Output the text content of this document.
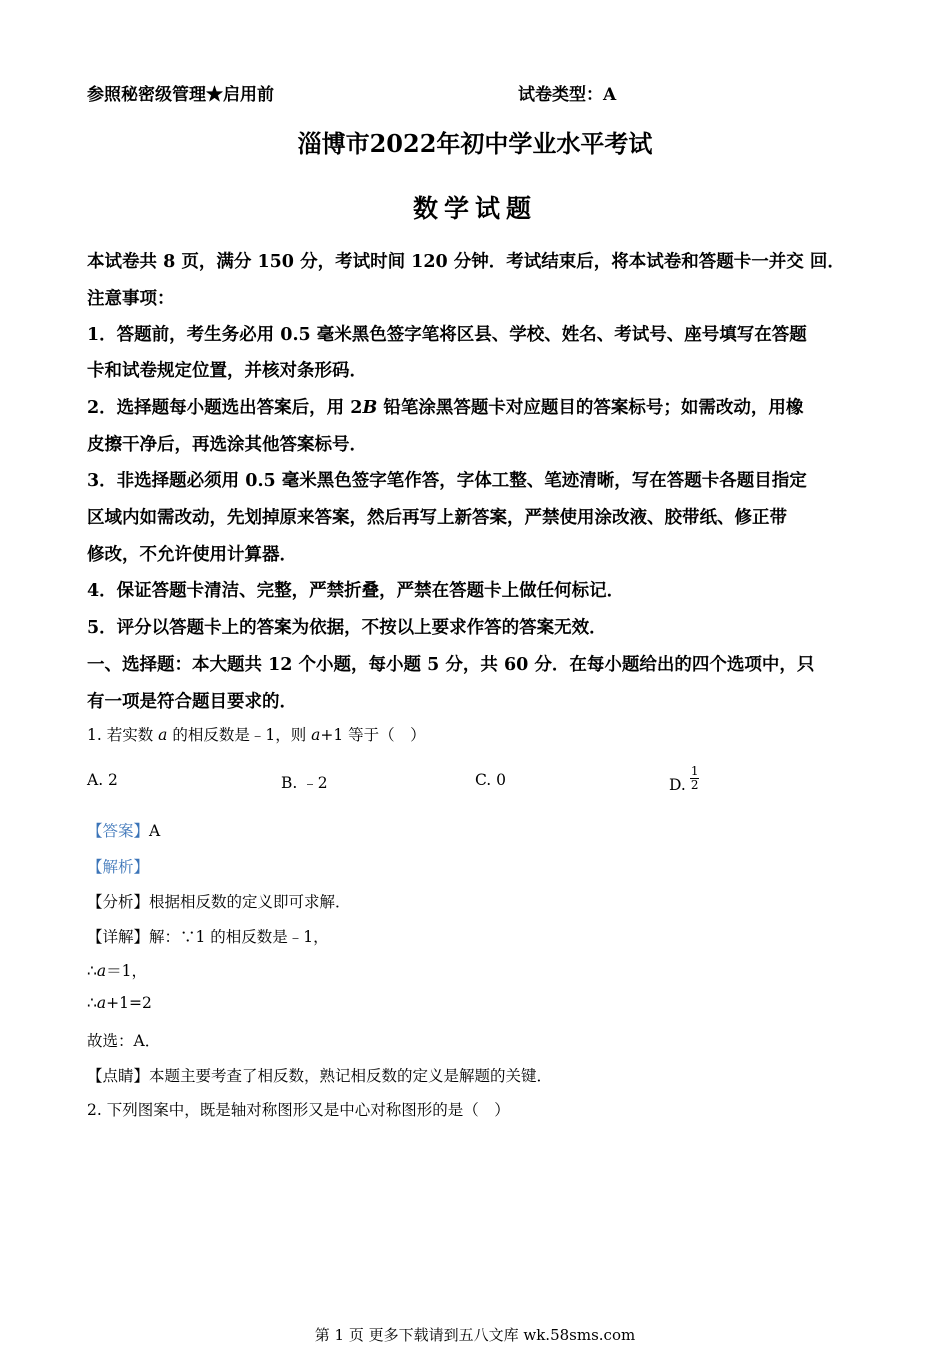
参照秘密级管理★启用前	试卷类型：A
淄博市2022年初中学业水平考试
数学试题
本试卷共 8 页，满分 150 分，考试时间 120 分钟．考试结束后，将本试卷和答题卡一并交 回．
注意事项：
1．答题前，考生务必用 0.5 毫米黑色签字笔将区县、学校、姓名、考试号、座号填写在答题
卡和试卷规定位置，并核对条形码．
2．选择题每小题选出答案后，用 2B 铅笔涂黑答题卡对应题目的答案标号；如需改动，用橡
皮擦干净后，再选涂其他答案标号．
3．非选择题必须用 0.5 毫米黑色签字笔作答，字体工整、笔迹清晰，写在答题卡各题目指定
区域内如需改动，先划掉原来答案，然后再写上新答案，严禁使用涂改液、胶带纸、修正带
修改，不允许使用计算器．
4．保证答题卡清洁、完整，严禁折叠，严禁在答题卡上做任何标记．
5．评分以答题卡上的答案为依据，不按以上要求作答的答案无效．
一、选择题：本大题共 12 个小题，每小题 5 分，共 60 分．在每小题给出的四个选项中，只
有一项是符合题目要求的．
1. 若实数 a 的相反数是﹣1，则 a+1 等于（　）
A. 2	B. ﹣2	C. 0	D. $\frac{1}{2}$
【答案】A
【解析】
【分析】根据相反数的定义即可求解．
【详解】解：∵1 的相反数是﹣1，
∴a＝1，
∴a+1=2
故选：A．
【点睛】本题主要考查了相反数，熟记相反数的定义是解题的关键．
2. 下列图案中，既是轴对称图形又是中心对称图形的是（　）
第 1 页 更多下载请到五八文库 wk.58sms.com
